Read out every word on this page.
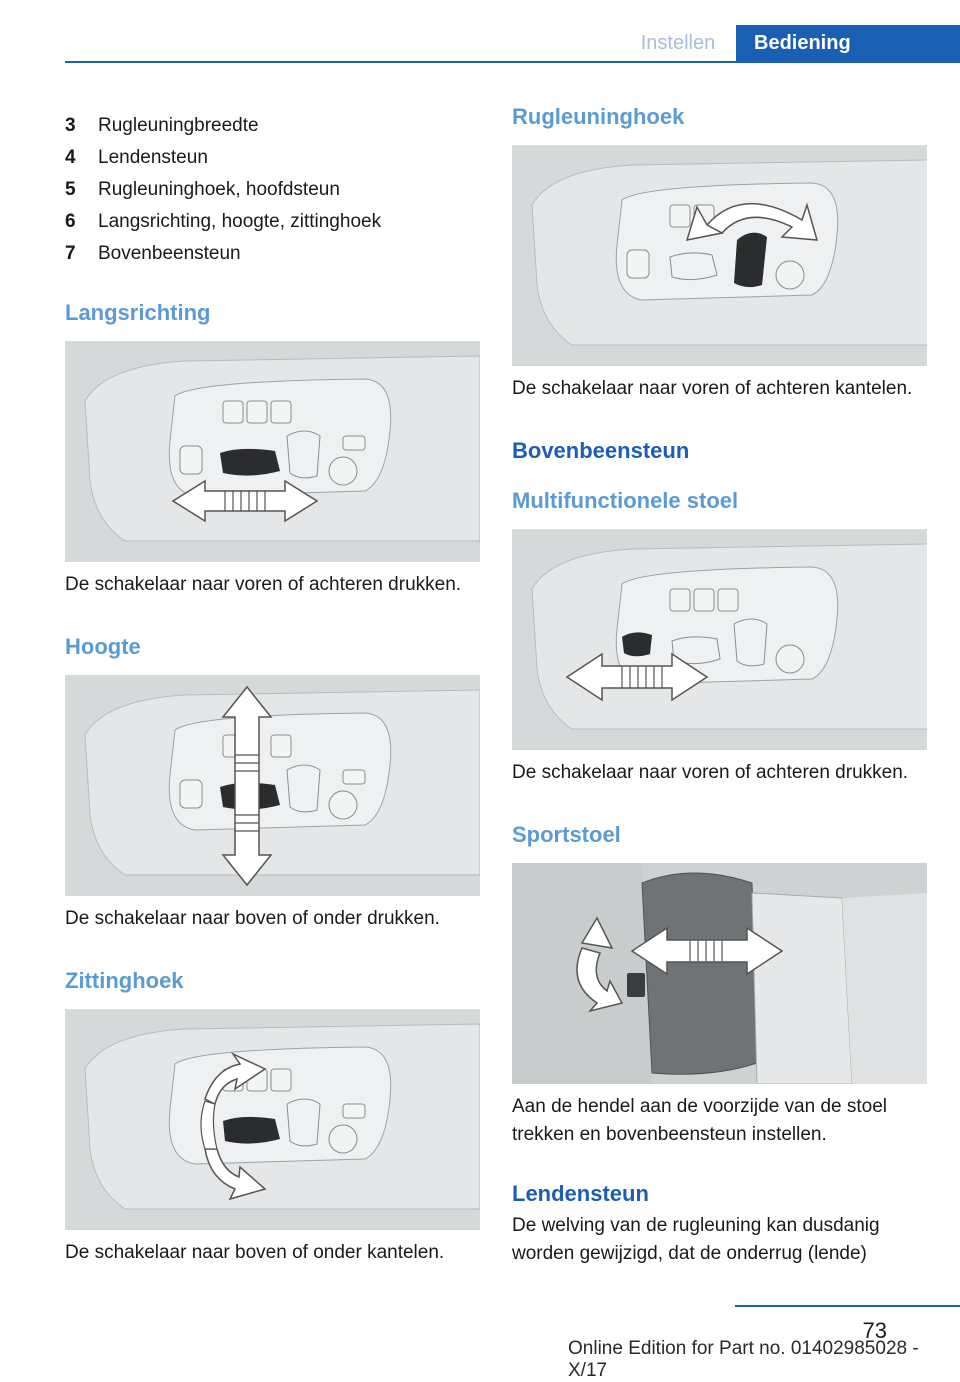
Instellen	Bediening
3	Rugleuningbreedte
4	Lendensteun
5	Rugleuninghoek, hoofdsteun
6	Langsrichting, hoogte, zittinghoek
7	Bovenbeensteun
Langsrichting
De schakelaar naar voren of achteren drukken.
Hoogte
De schakelaar naar boven of onder drukken.
Zittinghoek
De schakelaar naar boven of onder kantelen.
Rugleuninghoek
De schakelaar naar voren of achteren kantelen.
Bovenbeensteun
Multifunctionele stoel
De schakelaar naar voren of achteren drukken.
Sportstoel
Aan de hendel aan de voorzijde van de stoel
trekken en bovenbeensteun instellen.
Lendensteun
De welving van de rugleuning kan dusdanig
worden gewijzigd, dat de onderrug (lende)
73
Online Edition for Part no. 01402985028 - X/17
